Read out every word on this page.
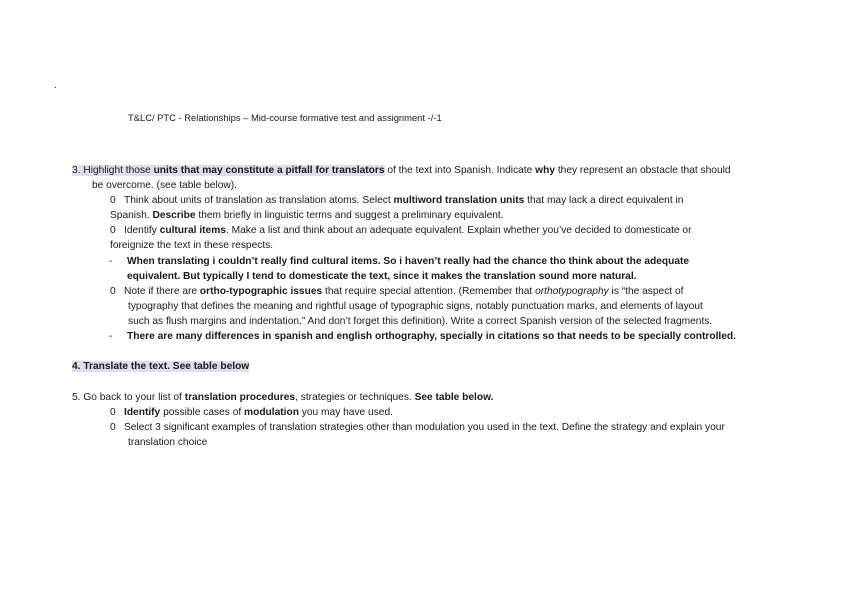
.
T&LC/ PTC - Relationships – Mid-course formative test and assignment -/-1
3. Highlight those units that may constitute a pitfall for translators of the text into Spanish. Indicate why they represent an obstacle that should
be overcome. (see table below).
0 Think about units of translation as translation atoms. Select multiword translation units that may lack a direct equivalent in
Spanish. Describe them briefly in linguistic terms and suggest a preliminary equivalent.
0 Identify cultural items. Make a list and think about an adequate equivalent. Explain whether you’ve decided to domesticate or
foreignize the text in these respects.
- When translating i couldn’t really find cultural items. So i haven’t really had the chance tho think about the adequate
equivalent. But typically I tend to domesticate the text, since it makes the translation sound more natural.
0 Note if there are ortho-typographic issues that require special attention. (Remember that orthotypography is “the aspect of
typography that defines the meaning and rightful usage of typographic signs, notably punctuation marks, and elements of layout
such as flush margins and indentation.” And don’t forget this definition). Write a correct Spanish version of the selected fragments.
- There are many differences in spanish and english orthography, specially in citations so that needs to be specially controlled.
4. Translate the text. See table below
5. Go back to your list of translation procedures, strategies or techniques. See table below.
0 Identify possible cases of modulation you may have used.
0 Select 3 significant examples of translation strategies other than modulation you used in the text. Define the strategy and explain your
translation choice
